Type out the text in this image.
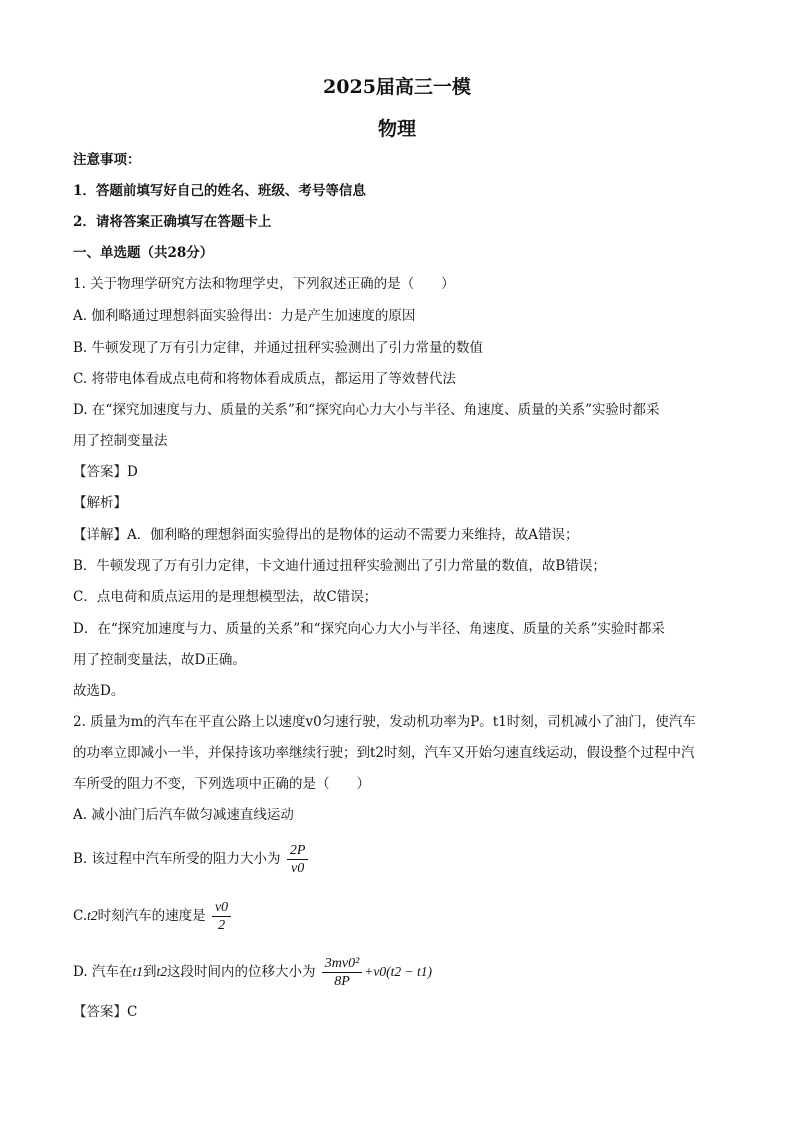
2025届高三一模
物理
注意事项：
1．答题前填写好自己的姓名、班级、考号等信息
2．请将答案正确填写在答题卡上
一、单选题（共28分）
1. 关于物理学研究方法和物理学史，下列叙述正确的是（　　）
A. 伽利略通过理想斜面实验得出：力是产生加速度的原因
B. 牛顿发现了万有引力定律，并通过扭秤实验测出了引力常量的数值
C. 将带电体看成点电荷和将物体看成质点，都运用了等效替代法
D. 在“探究加速度与力、质量的关系”和“探究向心力大小与半径、角速度、质量的关系”实验时都采
用了控制变量法
【答案】D
【解析】
【详解】A．伽利略的理想斜面实验得出的是物体的运动不需要力来维持，故A错误；
B．牛顿发现了万有引力定律，卡文迪什通过扭秤实验测出了引力常量的数值，故B错误；
C．点电荷和质点运用的是理想模型法，故C错误；
D．在“探究加速度与力、质量的关系”和“探究向心力大小与半径、角速度、质量的关系”实验时都采
用了控制变量法，故D正确。
故选D。
2. 质量为m的汽车在平直公路上以速度v0匀速行驶，发动机功率为P。t1时刻，司机减小了油门，使汽车
的功率立即减小一半，并保持该功率继续行驶；到t2时刻，汽车又开始匀速直线运动，假设整个过程中汽
车所受的阻力不变，下列选项中正确的是（　　）
A. 减小油门后汽车做匀减速直线运动
B. 该过程中汽车所受的阻力大小为 $\frac{2P}{v0}$
C.t2时刻汽车的速度是 $\frac{v0}{2}$
D. 汽车在t1到t2这段时间内的位移大小为 $\frac{\text{3mv0²}}{8P} +v0(t2 - t1)$
【答案】C
